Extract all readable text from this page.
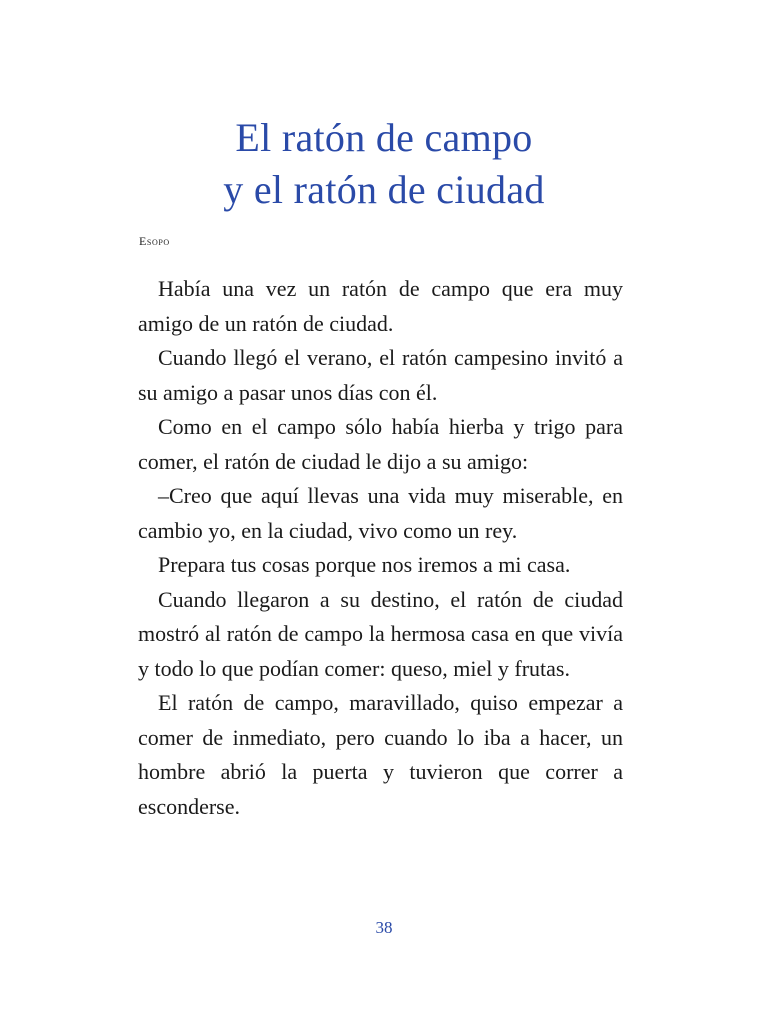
El ratón de campo
y el ratón de ciudad
Esopo

Había una vez un ratón de campo que era muy amigo de un ratón de ciudad.

Cuando llegó el verano, el ratón campesino invitó a su amigo a pasar unos días con él.

Como en el campo sólo había hierba y trigo para comer, el ratón de ciudad le dijo a su amigo:

–Creo que aquí llevas una vida muy miserable, en cambio yo, en la ciudad, vivo como un rey.

Prepara tus cosas porque nos iremos a mi casa.

Cuando llegaron a su destino, el ratón de ciudad mostró al ratón de campo la hermosa casa en que vivía y todo lo que podían comer: queso, miel y frutas.

El ratón de campo, maravillado, quiso empezar a comer de inmediato, pero cuando lo iba a hacer, un hombre abrió la puerta y tuvieron que correr a esconderse.

38
